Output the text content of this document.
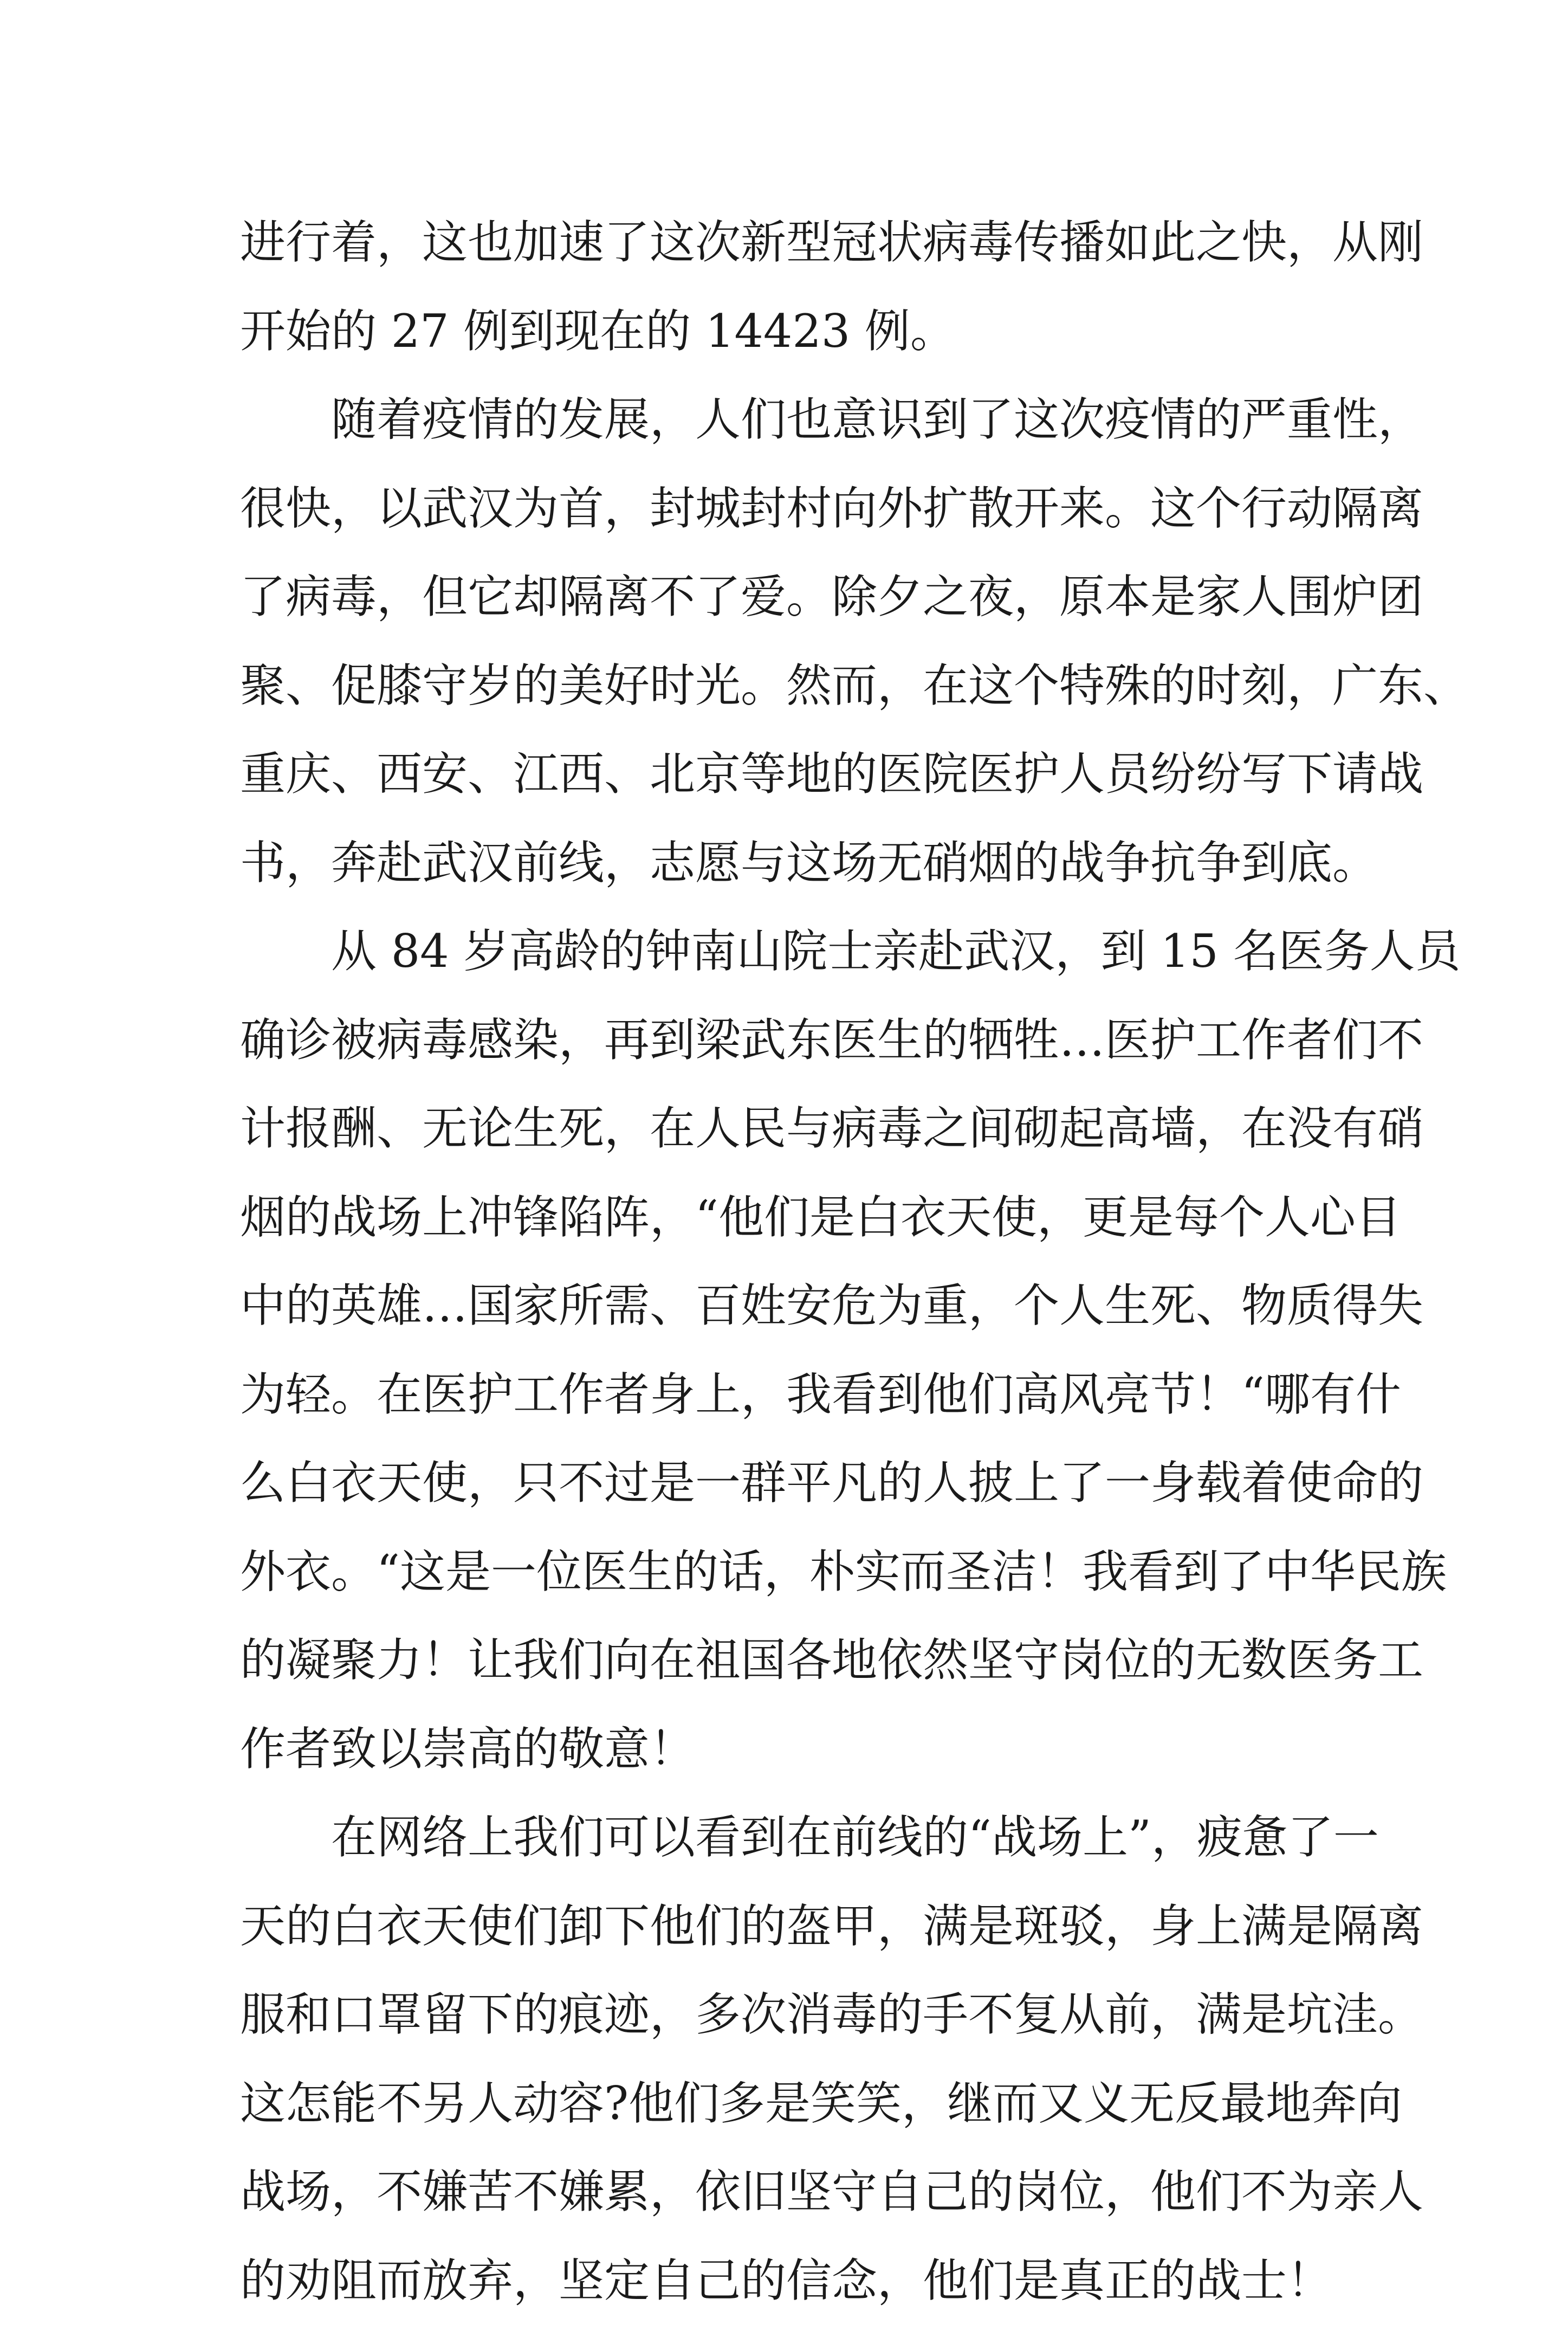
进行着，这也加速了这次新型冠状病毒传播如此之快，从刚
开始的 27 例到现在的 14423 例。
　　随着疫情的发展，人们也意识到了这次疫情的严重性，
很快，以武汉为首，封城封村向外扩散开来。这个行动隔离
了病毒，但它却隔离不了爱。除夕之夜，原本是家人围炉团
聚、促膝守岁的美好时光。然而，在这个特殊的时刻，广东、
重庆、西安、江西、北京等地的医院医护人员纷纷写下请战
书，奔赴武汉前线，志愿与这场无硝烟的战争抗争到底。
　　从 84 岁高龄的钟南山院士亲赴武汉，到 15 名医务人员
确诊被病毒感染，再到梁武东医生的牺牲…医护工作者们不
计报酬、无论生死，在人民与病毒之间砌起高墙，在没有硝
烟的战场上冲锋陷阵，“他们是白衣天使，更是每个人心目
中的英雄…国家所需、百姓安危为重，个人生死、物质得失
为轻。在医护工作者身上，我看到他们高风亮节！“哪有什
么白衣天使，只不过是一群平凡的人披上了一身载着使命的
外衣。“这是一位医生的话，朴实而圣洁！我看到了中华民族
的凝聚力！让我们向在祖国各地依然坚守岗位的无数医务工
作者致以崇高的敬意！
　　在网络上我们可以看到在前线的“战场上”，疲惫了一
天的白衣天使们卸下他们的盔甲，满是斑驳，身上满是隔离
服和口罩留下的痕迹，多次消毒的手不复从前，满是坑洼。
这怎能不另人动容?他们多是笑笑，继而又义无反最地奔向
战场，不嫌苦不嫌累，依旧坚守自己的岗位，他们不为亲人
的劝阻而放弃，坚定自己的信念，他们是真正的战士！
